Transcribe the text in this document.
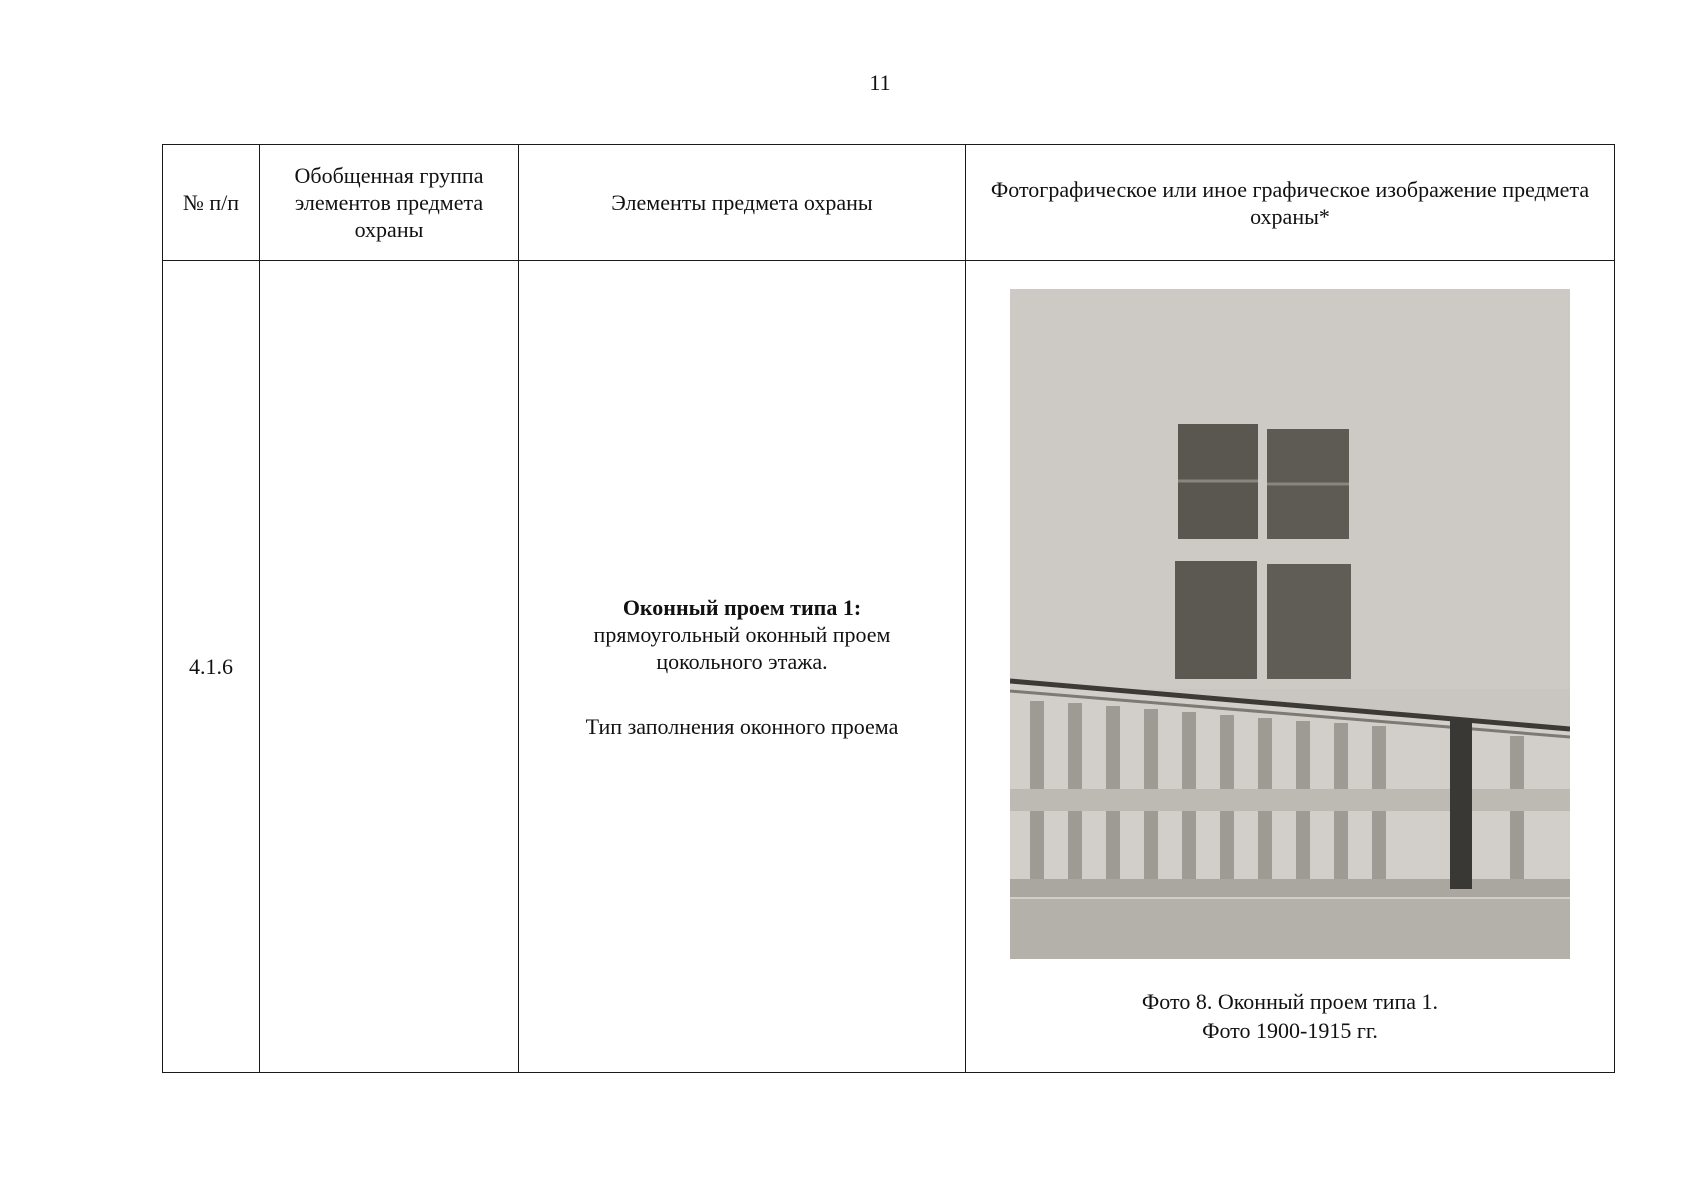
11
№ п/п	Обобщенная группа элементов предмета охраны	Элементы предмета охраны	Фотографическое или иное графическое изображение предмета охраны*
4.1.6		Оконный проем типа 1:
прямоугольный оконный проем
цокольного этажа.
Тип заполнения оконного проема	Фото 8. Оконный проем типа 1.
Фото 1900-1915 гг.
